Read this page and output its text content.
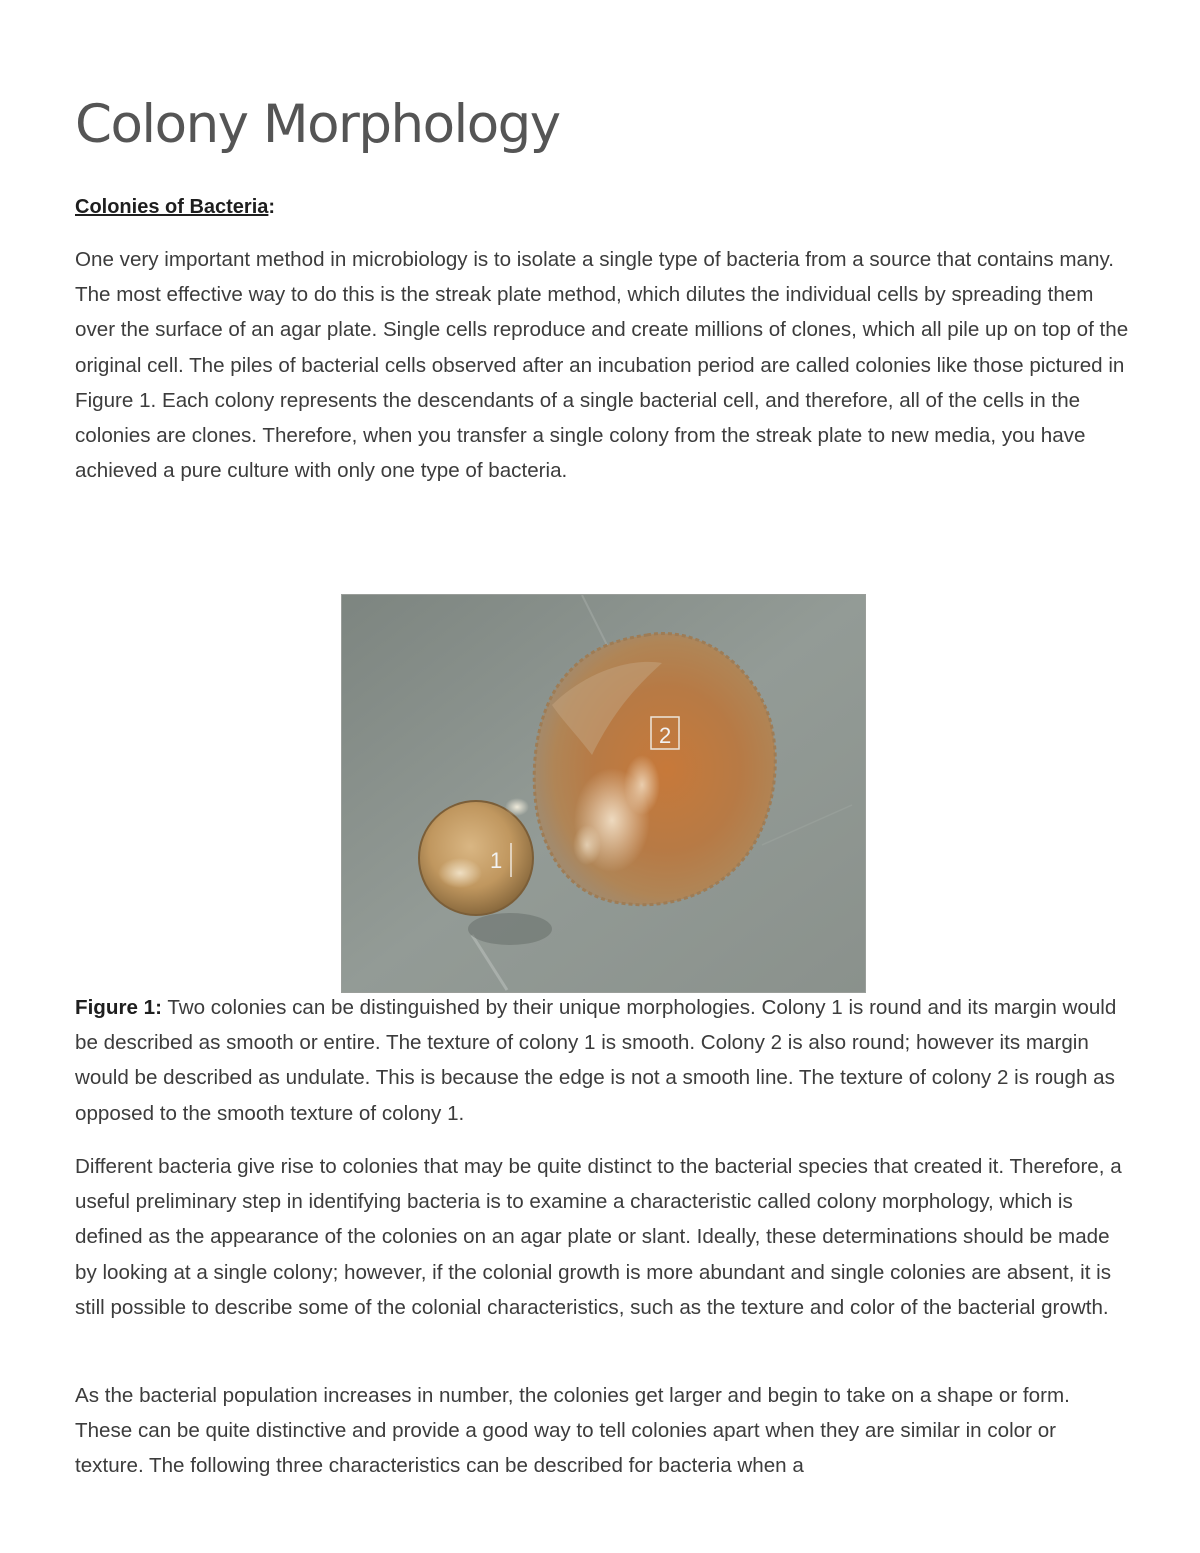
Colony Morphology
Colonies of Bacteria:

One very important method in microbiology is to isolate a single type of bacteria from a source that contains many. The most effective way to do this is the streak plate method, which dilutes the individual cells by spreading them over the surface of an agar plate. Single cells reproduce and create millions of clones, which all pile up on top of the original cell. The piles of bacterial cells observed after an incubation period are called colonies like those pictured in Figure 1. Each colony represents the descendants of a single bacterial cell, and therefore, all of the cells in the colonies are clones. Therefore, when you transfer a single colony from the streak plate to new media, you have achieved a pure culture with only one type of bacteria.

2
1

Figure 1: Two colonies can be distinguished by their unique morphologies. Colony 1 is round and its margin would be described as smooth or entire. The texture of colony 1 is smooth. Colony 2 is also round; however its margin would be described as undulate. This is because the edge is not a smooth line. The texture of colony 2 is rough as opposed to the smooth texture of colony 1.

Different bacteria give rise to colonies that may be quite distinct to the bacterial species that created it. Therefore, a useful preliminary step in identifying bacteria is to examine a characteristic called colony morphology, which is defined as the appearance of the colonies on an agar plate or slant. Ideally, these determinations should be made by looking at a single colony; however, if the colonial growth is more abundant and single colonies are absent, it is still possible to describe some of the colonial characteristics, such as the texture and color of the bacterial growth.

As the bacterial population increases in number, the colonies get larger and begin to take on a shape or form. These can be quite distinctive and provide a good way to tell colonies apart when they are similar in color or texture. The following three characteristics can be described for bacteria when a
